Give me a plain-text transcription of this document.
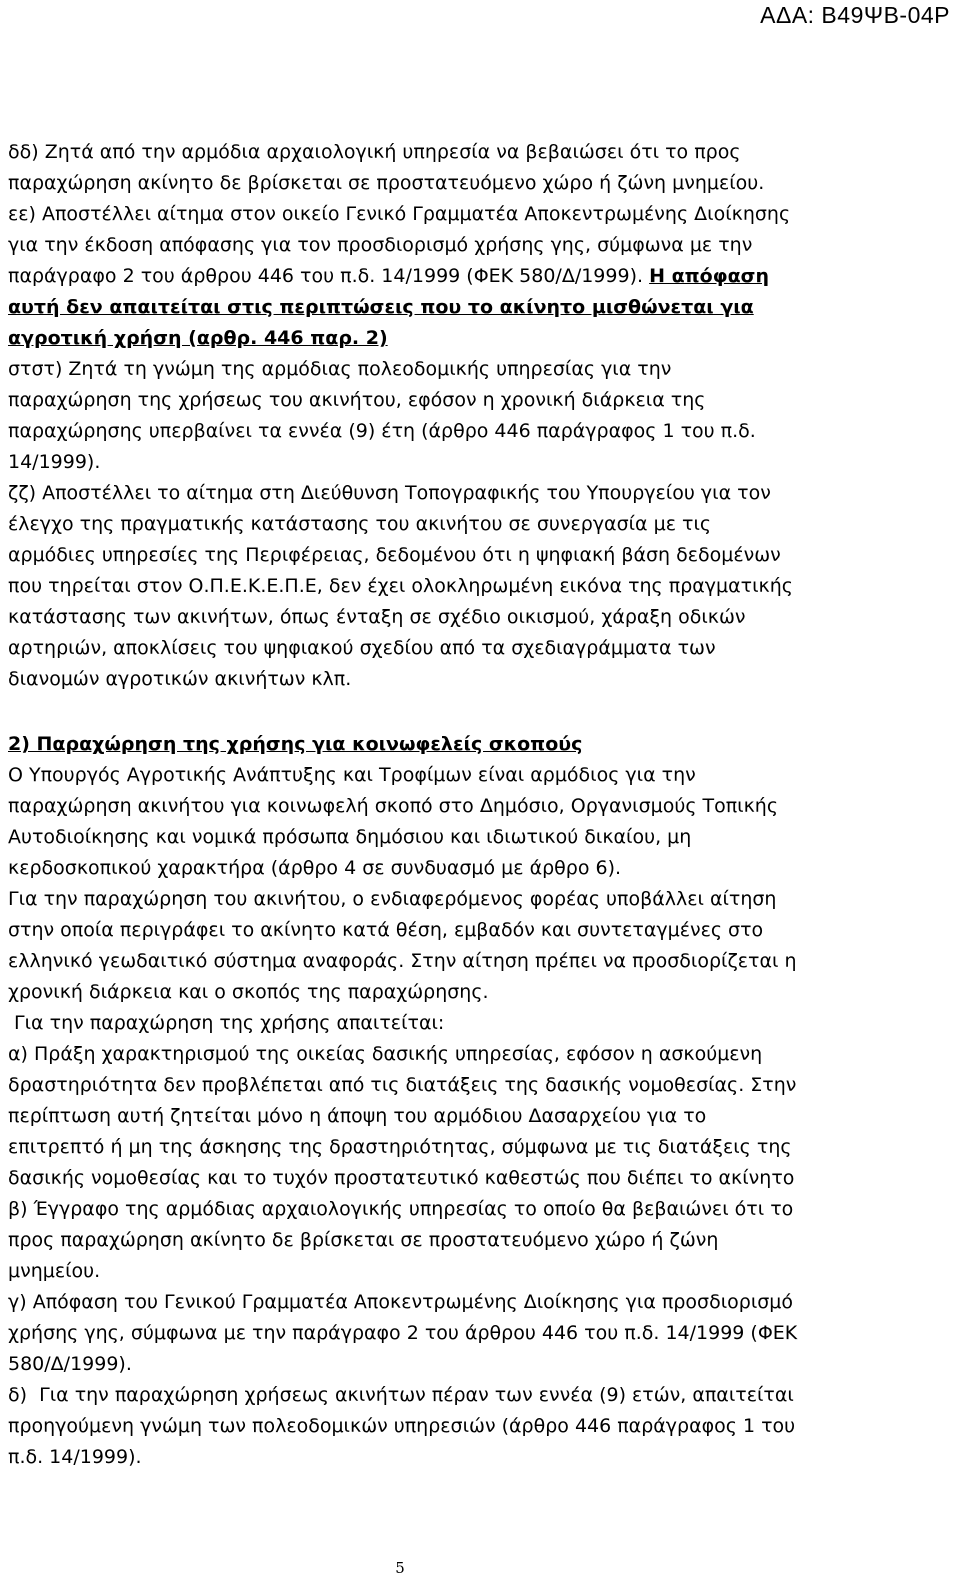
ΑΔΑ: Β49ΨΒ-04Ρ

δδ) Ζητά από την αρμόδια αρχαιολογική υπηρεσία να βεβαιώσει ότι το προς παραχώρηση ακίνητο δε βρίσκεται σε προστατευόμενο χώρο ή ζώνη μνημείου.

εε) Αποστέλλει αίτημα στον οικείο Γενικό Γραμματέα Αποκεντρωμένης Διοίκησης για την έκδοση απόφασης για τον προσδιορισμό χρήσης γης, σύμφωνα με την παράγραφο 2 του άρθρου 446 του π.δ. 14/1999 (ΦΕΚ 580/Δ/1999). Η απόφαση αυτή δεν απαιτείται στις περιπτώσεις που το ακίνητο μισθώνεται για αγροτική χρήση (αρθρ. 446 παρ. 2)

στστ) Ζητά τη γνώμη της αρμόδιας πολεοδομικής υπηρεσίας για την παραχώρηση της χρήσεως του ακινήτου, εφόσον η χρονική διάρκεια της παραχώρησης υπερβαίνει τα εννέα (9) έτη (άρθρο 446 παράγραφος 1 του π.δ. 14/1999).

ζζ) Αποστέλλει το αίτημα στη Διεύθυνση Τοπογραφικής του Υπουργείου για τον έλεγχο της πραγματικής κατάστασης του ακινήτου σε συνεργασία με τις αρμόδιες υπηρεσίες της Περιφέρειας, δεδομένου ότι η ψηφιακή βάση δεδομένων που τηρείται στον Ο.Π.Ε.Κ.Ε.Π.Ε, δεν έχει ολοκληρωμένη εικόνα της πραγματικής κατάστασης των ακινήτων, όπως ένταξη σε σχέδιο οικισμού, χάραξη οδικών αρτηριών, αποκλίσεις του ψηφιακού σχεδίου από τα σχεδιαγράμματα των διανομών αγροτικών ακινήτων κλπ.

2) Παραχώρηση της χρήσης για κοινωφελείς σκοπούς

Ο Υπουργός Αγροτικής Ανάπτυξης και Τροφίμων είναι αρμόδιος για την παραχώρηση ακινήτου για κοινωφελή σκοπό στο Δημόσιο, Οργανισμούς Τοπικής Αυτοδιοίκησης και νομικά πρόσωπα δημόσιου και ιδιωτικού δικαίου, μη κερδοσκοπικού χαρακτήρα (άρθρο 4 σε συνδυασμό με άρθρο 6).

Για την παραχώρηση του ακινήτου, ο ενδιαφερόμενος φορέας υποβάλλει αίτηση στην οποία περιγράφει το ακίνητο κατά θέση, εμβαδόν και συντεταγμένες στο ελληνικό γεωδαιτικό σύστημα αναφοράς. Στην αίτηση πρέπει να προσδιορίζεται η χρονική διάρκεια και ο σκοπός της παραχώρησης.

Για την παραχώρηση της χρήσης απαιτείται:

α) Πράξη χαρακτηρισμού της οικείας δασικής υπηρεσίας, εφόσον η ασκούμενη δραστηριότητα δεν προβλέπεται από τις διατάξεις της δασικής νομοθεσίας. Στην περίπτωση αυτή ζητείται μόνο η άποψη του αρμόδιου Δασαρχείου για το επιτρεπτό ή μη της άσκησης της δραστηριότητας, σύμφωνα με τις διατάξεις της δασικής νομοθεσίας και το τυχόν προστατευτικό καθεστώς που διέπει το ακίνητο

β) Έγγραφο της αρμόδιας αρχαιολογικής υπηρεσίας το οποίο θα βεβαιώνει ότι το προς παραχώρηση ακίνητο δε βρίσκεται σε προστατευόμενο χώρο ή ζώνη μνημείου.

γ) Απόφαση του Γενικού Γραμματέα Αποκεντρωμένης Διοίκησης για προσδιορισμό χρήσης γης, σύμφωνα με την παράγραφο 2 του άρθρου 446 του π.δ. 14/1999 (ΦΕΚ 580/Δ/1999).

δ)  Για την παραχώρηση χρήσεως ακινήτων πέραν των εννέα (9) ετών, απαιτείται προηγούμενη γνώμη των πολεοδομικών υπηρεσιών (άρθρο 446 παράγραφος 1 του π.δ. 14/1999).

5
